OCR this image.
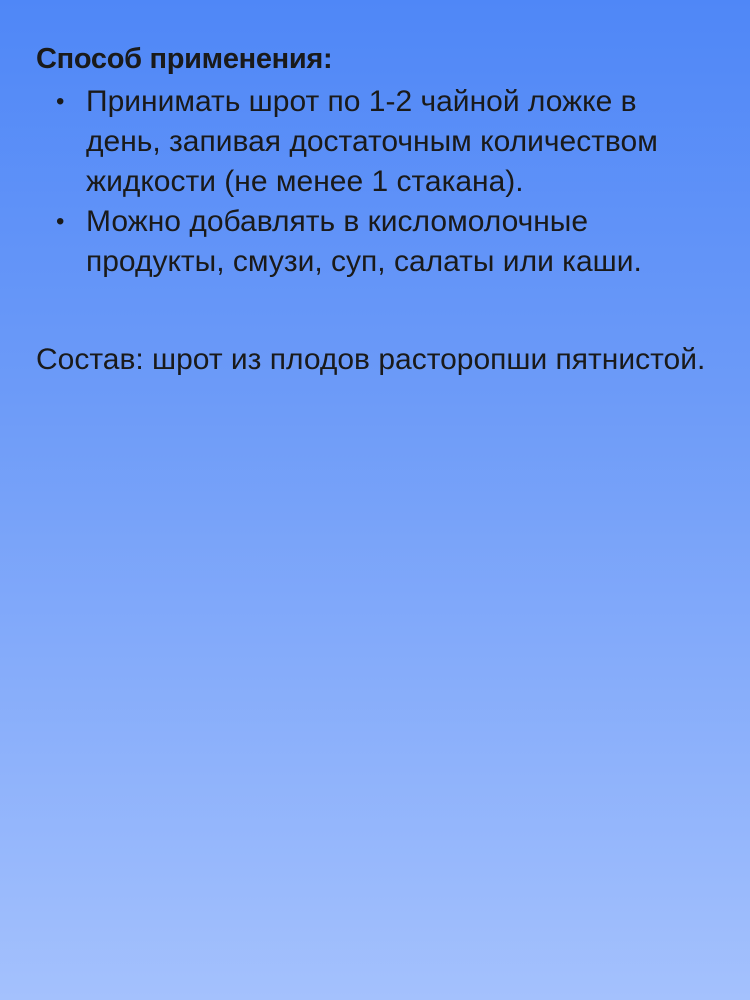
Способ применения:
• Принимать шрот по 1-2 чайной ложке в день, запивая достаточным количеством жидкости (не менее 1 стакана).
• Можно добавлять в кисломолочные продукты, смузи, суп, салаты или каши.
Состав: шрот из плодов расторопши пятнистой.
